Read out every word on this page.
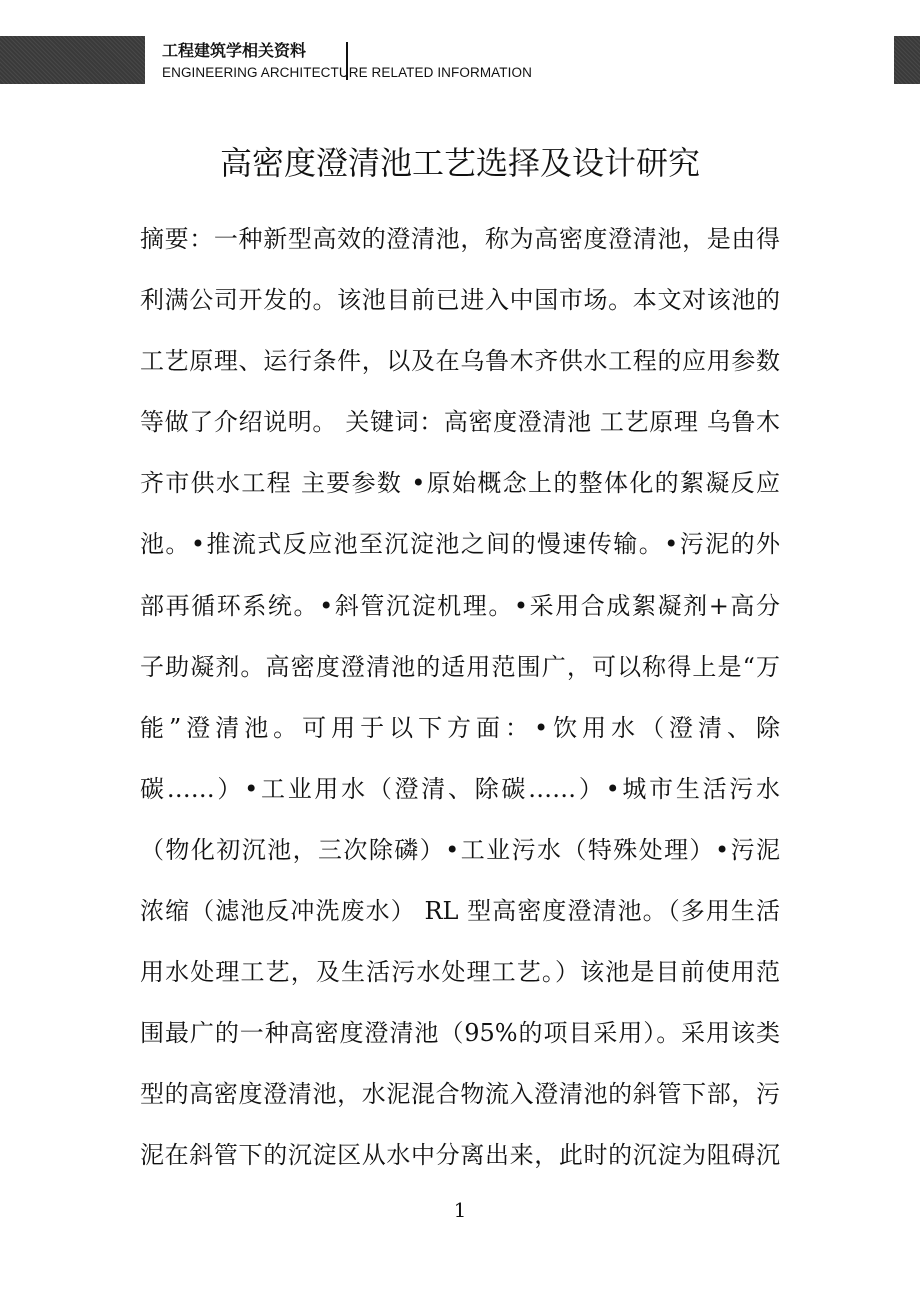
工程建筑学相关资料
ENGINEERING ARCHITECTURE RELATED INFORMATION
高密度澄清池工艺选择及设计研究
摘要：一种新型高效的澄清池，称为高密度澄清池，是由得
利满公司开发的。该池目前已进入中国市场。本文对该池的
工艺原理、运行条件，以及在乌鲁木齐供水工程的应用参数
等做了介绍说明。 关键词：高密度澄清池 工艺原理 乌鲁木
齐市供水工程 主要参数 •原始概念上的整体化的絮凝反应
池。•推流式反应池至沉淀池之间的慢速传输。•污泥的外
部再循环系统。•斜管沉淀机理。•采用合成絮凝剂+高分
子助凝剂。高密度澄清池的适用范围广，可以称得上是“万
能”澄清池。可用于以下方面：•饮用水（澄清、除
碳……）•工业用水（澄清、除碳……）•城市生活污水
（物化初沉池，三次除磷）•工业污水（特殊处理）•污泥
浓缩（滤池反冲洗废水） RL 型高密度澄清池。（多用生活
用水处理工艺，及生活污水处理工艺。）该池是目前使用范
围最广的一种高密度澄清池（95%的项目采用）。采用该类
型的高密度澄清池，水泥混合物流入澄清池的斜管下部，污
泥在斜管下的沉淀区从水中分离出来，此时的沉淀为阻碍沉
1
